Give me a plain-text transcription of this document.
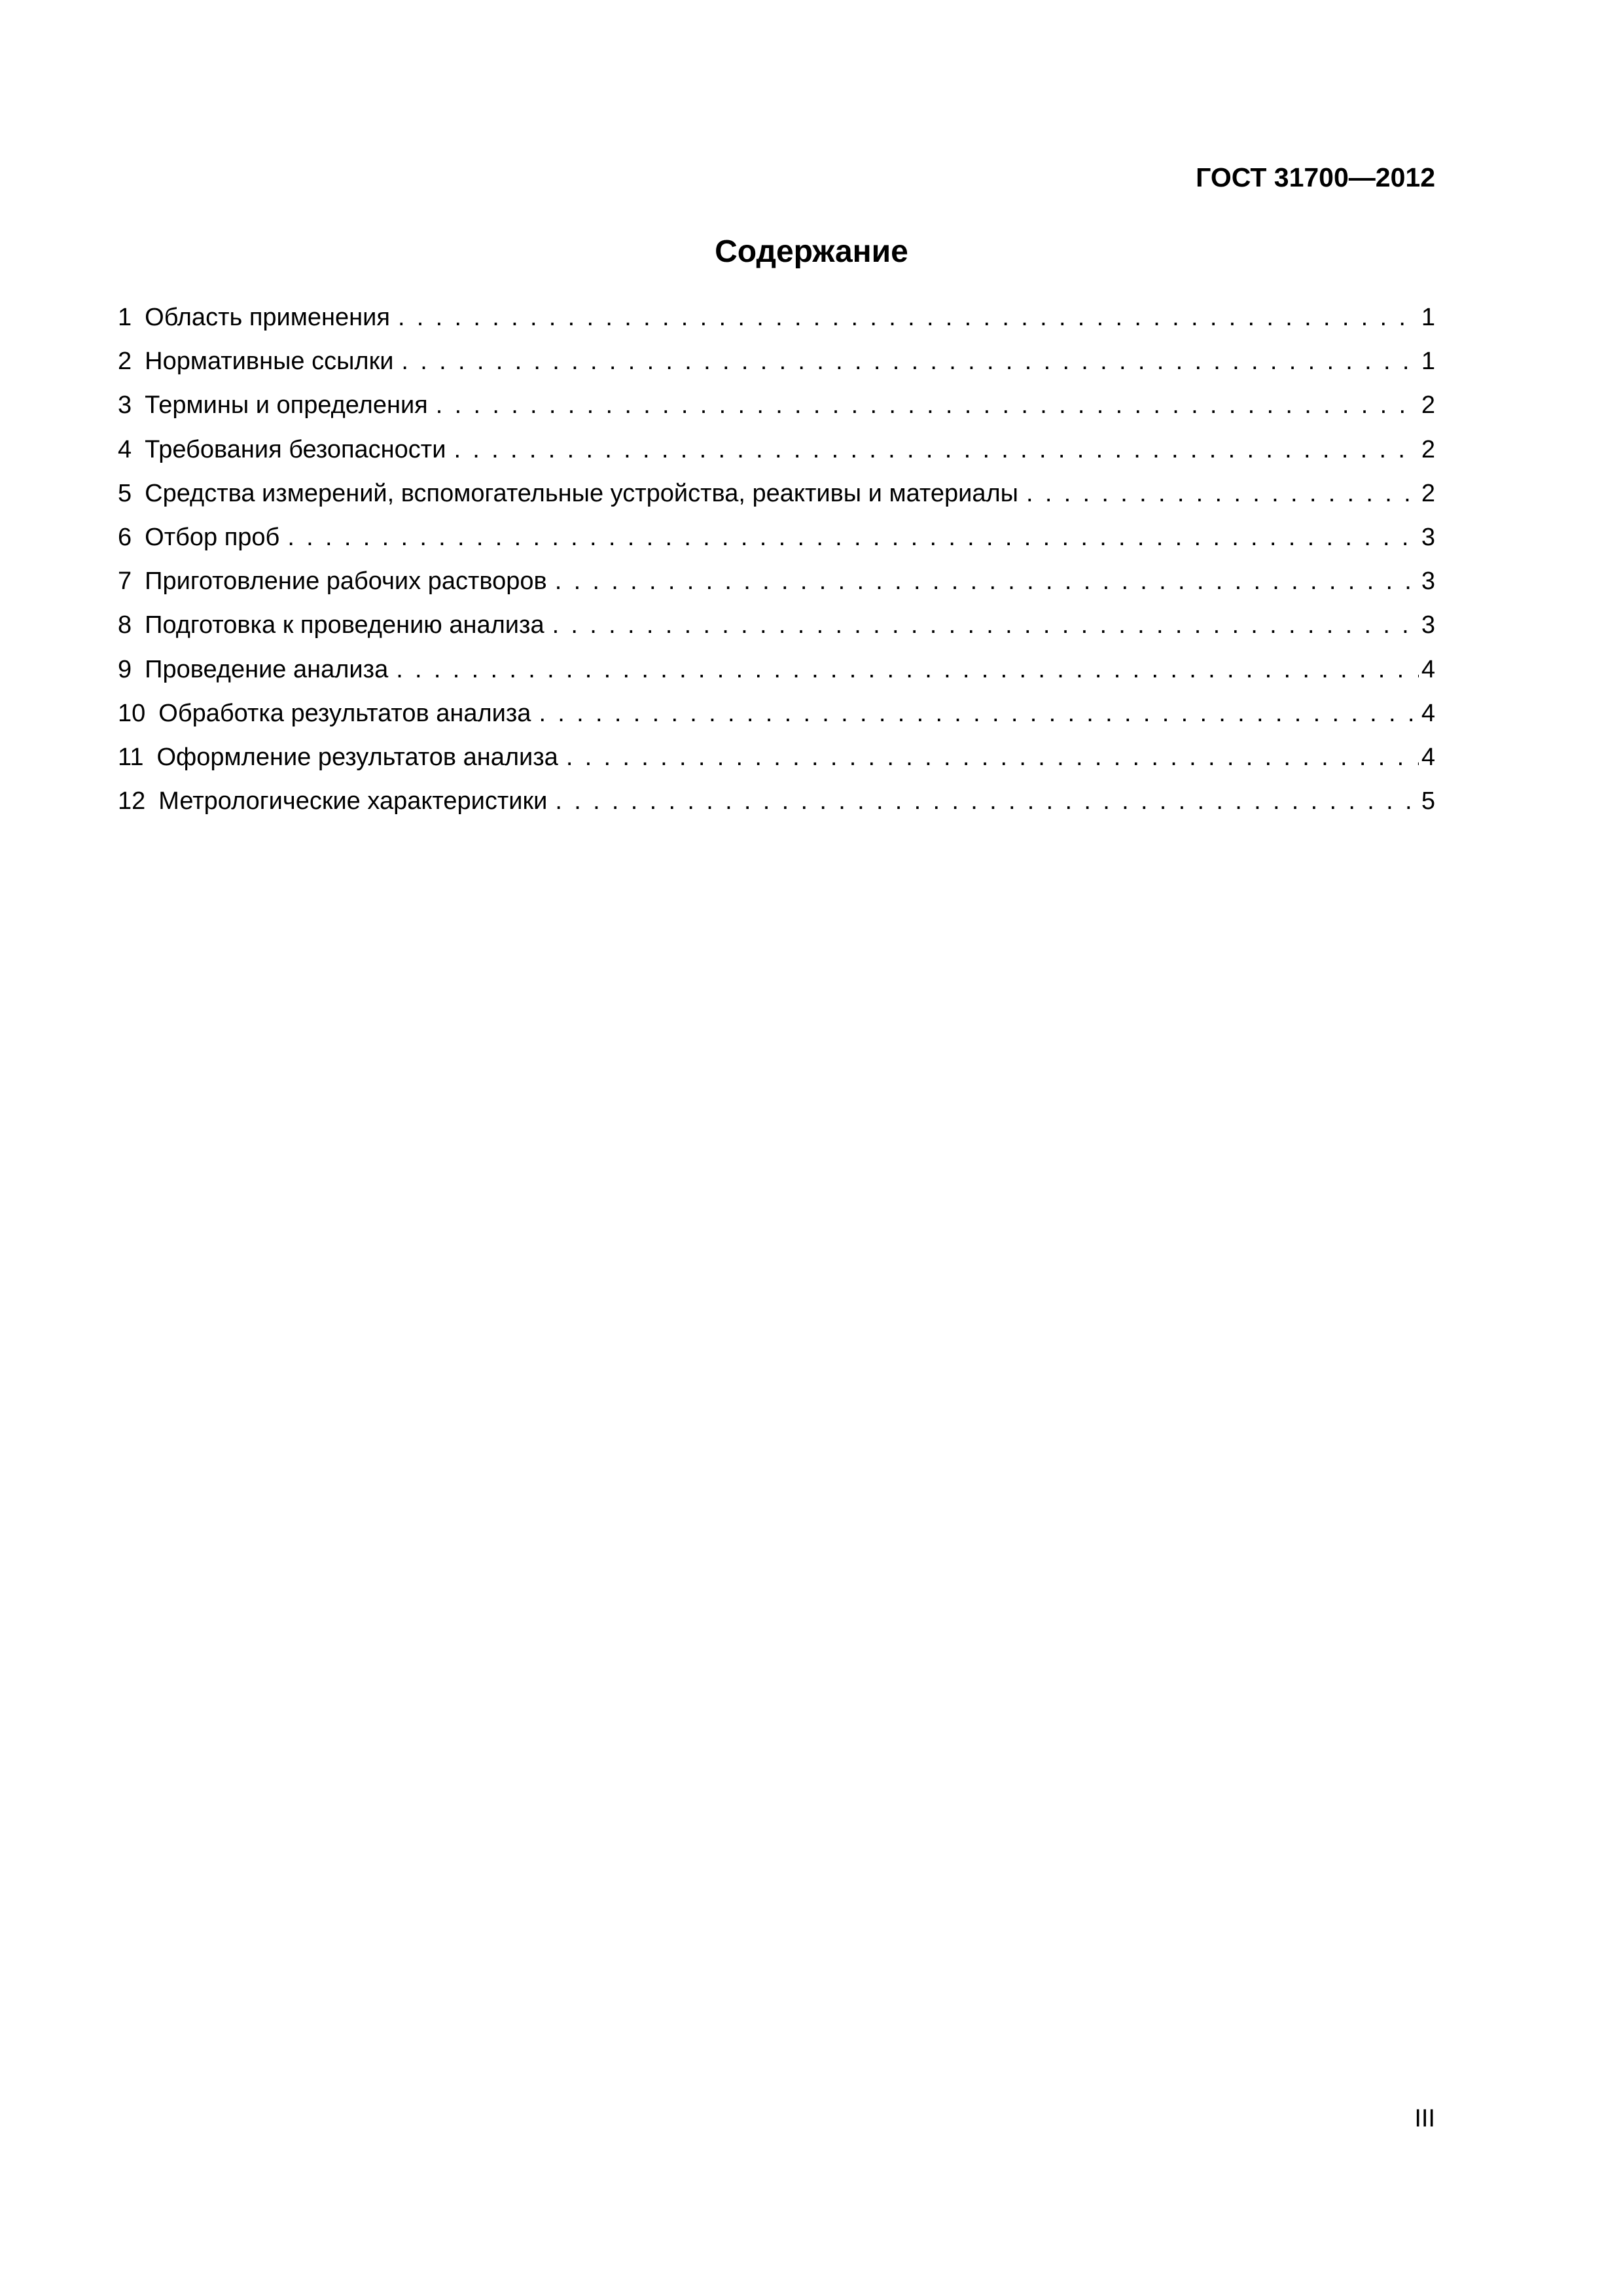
ГОСТ 31700—2012
Содержание
1 Область применения .....	1
2 Нормативные ссылки .....	1
3 Термины и определения .....	2
4 Требования безопасности .....	2
5 Средства измерений, вспомогательные устройства, реактивы и материалы .....	2
6 Отбор проб .....	3
7 Приготовление рабочих растворов .....	3
8 Подготовка к проведению анализа .....	3
9 Проведение анализа .....	4
10 Обработка результатов анализа .....	4
11 Оформление результатов анализа .....	4
12 Метрологические характеристики .....	5
III
